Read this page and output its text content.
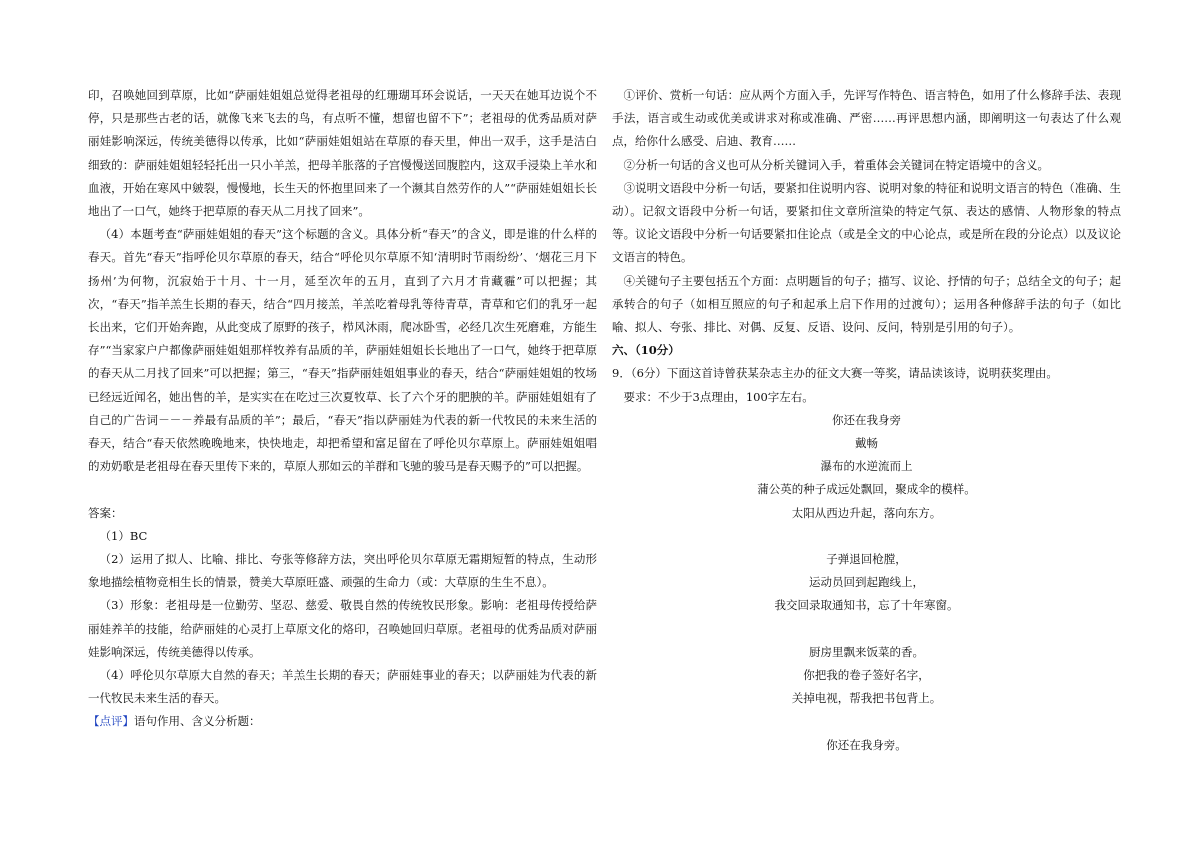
印，召唤她回到草原，比如“萨丽娃姐姐总觉得老祖母的红珊瑚耳环会说话，一天天在她耳边说个不停，只是那些古老的话，就像飞来飞去的鸟，有点听不懂，想留也留不下”；老祖母的优秀品质对萨丽娃影响深远，传统美德得以传承，比如“萨丽娃姐姐站在草原的春天里，伸出一双手，这手是洁白细致的：萨丽娃姐姐轻轻托出一只小羊羔，把母羊胀落的子宫慢慢送回腹腔内，这双手浸染上羊水和血液，开始在寒风中皴裂，慢慢地，长生天的怀抱里回来了一个濒其自然劳作的人”“萨丽娃姐姐长长地出了一口气，她终于把草原的春天从二月找了回来”。

（4）本题考查“萨丽娃姐姐的春天”这个标题的含义。具体分析“春天”的含义，即是谁的什么样的春天。首先“春天”指呼伦贝尔草原的春天，结合“呼伦贝尔草原不知‘清明时节雨纷纷’、‘烟花三月下扬州’为何物，沉寂始于十月、十一月，延至次年的五月，直到了六月才肯藏霾”可以把握；其次，“春天”指羊羔生长期的春天，结合“四月接羔，羊羔吃着母乳等待青草，青草和它们的乳牙一起长出来，它们开始奔跑，从此变成了原野的孩子，栉风沐雨，爬冰卧雪，必经几次生死磨难，方能生存”“当家家户户都像萨丽娃姐姐那样牧养有品质的羊，萨丽娃姐姐长长地出了一口气，她终于把草原的春天从二月找了回来”可以把握；第三，“春天”指萨丽娃姐姐事业的春天，结合“萨丽娃姐姐的牧场已经远近闻名，她出售的羊，是实实在在吃过三次夏牧草、长了六个牙的肥腴的羊。萨丽娃姐姐有了自己的广告词－－－养最有品质的羊”；最后，“春天”指以萨丽娃为代表的新一代牧民的未来生活的春天，结合“春天依然晚晚地来，快快地走，却把希望和富足留在了呼伦贝尔草原上。萨丽娃姐姐唱的劝奶歌是老祖母在春天里传下来的，草原人那如云的羊群和飞驰的骏马是春天赐予的”可以把握。

答案：

（1）BC

（2）运用了拟人、比喻、排比、夸张等修辞方法，突出呼伦贝尔草原无霜期短暂的特点，生动形象地描绘植物竞相生长的情景，赞美大草原旺盛、顽强的生命力（或：大草原的生生不息）。

（3）形象：老祖母是一位勤劳、坚忍、慈爱、敬畏自然的传统牧民形象。影响：老祖母传授给萨丽娃养羊的技能，给萨丽娃的心灵打上草原文化的烙印，召唤她回归草原。老祖母的优秀品质对萨丽娃影响深远，传统美德得以传承。

（4）呼伦贝尔草原大自然的春天；羊羔生长期的春天；萨丽娃事业的春天；以萨丽娃为代表的新一代牧民未来生活的春天。

【点评】语句作用、含义分析题：

①评价、赏析一句话：应从两个方面入手，先评写作特色、语言特色，如用了什么修辞手法、表现手法，语言或生动或优美或讲求对称或准确、严密……再评思想内涵，即阐明这一句表达了什么观点，给你什么感受、启迪、教育……

②分析一句话的含义也可从分析关键词入手，着重体会关键词在特定语境中的含义。

③说明文语段中分析一句话，要紧扣住说明内容、说明对象的特征和说明文语言的特色（准确、生动）。记叙文语段中分析一句话，要紧扣住文章所渲染的特定气氛、表达的感情、人物形象的特点等。议论文语段中分析一句话要紧扣住论点（或是全文的中心论点，或是所在段的分论点）以及议论文语言的特色。

④关键句子主要包括五个方面：点明题旨的句子；描写、议论、抒情的句子；总结全文的句子；起承转合的句子（如相互照应的句子和起承上启下作用的过渡句）；运用各种修辞手法的句子（如比喻、拟人、夸张、排比、对偶、反复、反语、设问、反问，特别是引用的句子）。

六、（10分）

9．（6分）下面这首诗曾获某杂志主办的征文大赛一等奖，请品读该诗，说明获奖理由。

要求：不少于3点理由，100字左右。

你还在我身旁

戴畅

瀑布的水逆流而上

蒲公英的种子成远处飘回，聚成伞的模样。

太阳从西边升起，落向东方。

子弹退回枪膛，

运动员回到起跑线上，

我交回录取通知书，忘了十年寒窗。

厨房里飘来饭菜的香。

你把我的卷子签好名字，

关掉电视，帮我把书包背上。

你还在我身旁。
